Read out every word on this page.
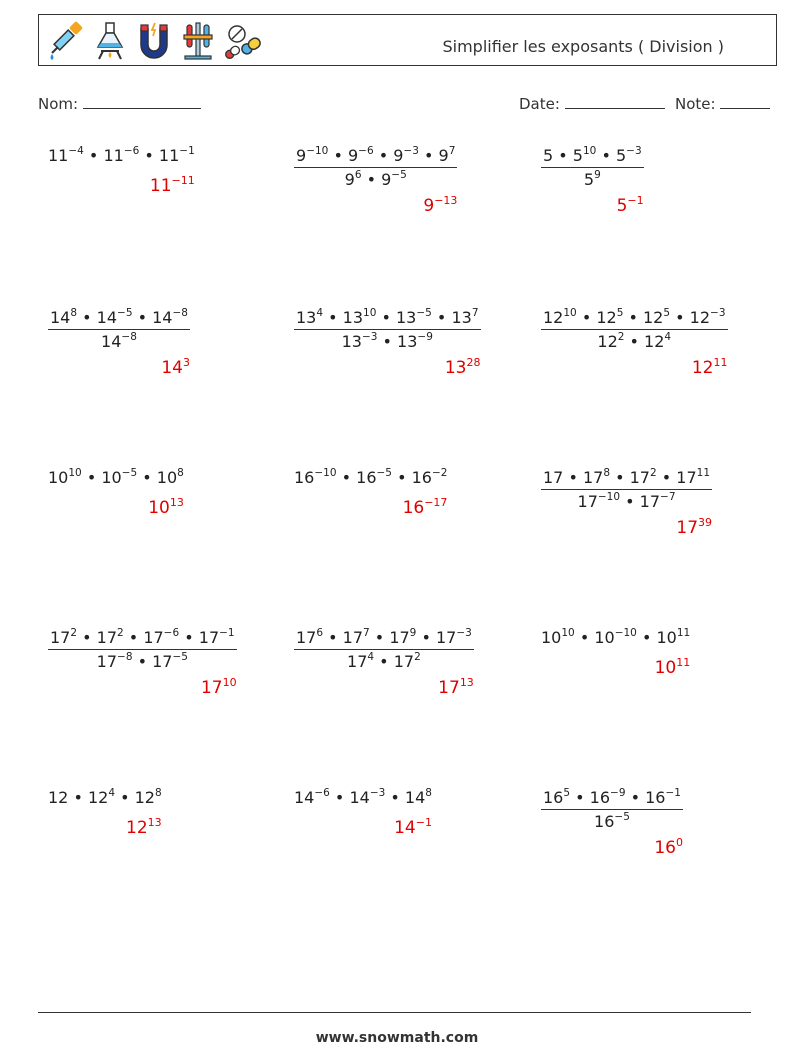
Simplifier les exposants ( Division )
Nom:	Date:	Note:
$11^{-4}$ • $11^{-6}$ • $11^{-1}$
$11^{-11}$	$\frac{9^{-10} • 9^{-6} • 9^{-3} • 9^7}{9^6 • 9^{-5}}$
$9^{-13}$
$\frac{5 • 5^{10} • 5^{-3}}{5^9}$
$5^{-1}$
$\frac{14^8 • 14^{-5} • 14^{-8}}{14^{-8}}$
$14^3$
$\frac{13^4 • 13^{10} • 13^{-5} • 13^7}{13^{-3} • 13^{-9}}$
$13^{28}$
$\frac{12^{10} • 12^5 • 12^5 • 12^{-3}}{12^2 • 12^4}$
$12^{11}$
$10^{10}$ • $10^{-5}$ • $10^8$
$10^{13}$
$16^{-10}$ • $16^{-5}$ • $16^{-2}$
$16^{-17}$	$\frac{17 • 17^8 • 17^2 • 17^{11}}{17^{-10} • 17^{-7}}$
$17^{39}$
$\frac{17^2 • 17^2 • 17^{-6} • 17^{-1}}{17^{-8} • 17^{-5}}$
$17^{10}$
$\frac{17^6 • 17^7 • 17^9 • 17^{-3}}{17^4 • 17^2}$
$17^{13}$
$10^{10}$ • $10^{-10}$ • $10^{11}$
$10^{11}$
12 • $12^4$ • $12^8$
$12^{13}$
$14^{-6}$ • $14^{-3}$ • $14^8$
$14^{-1}$	$\frac{16^5 • 16^{-9} • 16^{-1}}{16^{-5}}$
$16^0$
www.snowmath.com
